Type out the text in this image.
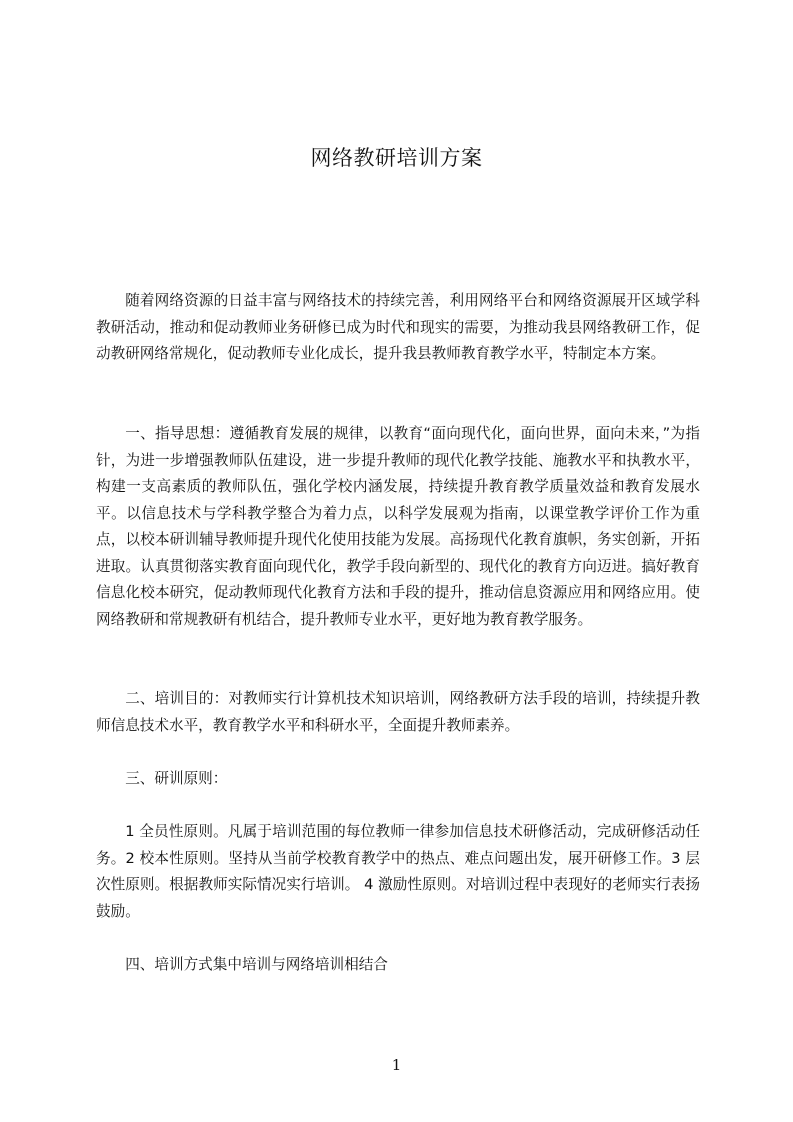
网络教研培训方案

随着网络资源的日益丰富与网络技术的持续完善，利用网络平台和网络资源展开区域学科教研活动，推动和促动教师业务研修已成为时代和现实的需要，为推动我县网络教研工作，促动教研网络常规化，促动教师专业化成长，提升我县教师教育教学水平，特制定本方案。

一、指导思想：遵循教育发展的规律，以教育“面向现代化，面向世界，面向未来，”为指针，为进一步增强教师队伍建设，进一步提升教师的现代化教学技能、施教水平和执教水平，构建一支高素质的教师队伍，强化学校内涵发展，持续提升教育教学质量效益和教育发展水平。以信息技术与学科教学整合为着力点，以科学发展观为指南，以课堂教学评价工作为重点，以校本研训辅导教师提升现代化使用技能为发展。高扬现代化教育旗帜，务实创新，开拓进取。认真贯彻落实教育面向现代化，教学手段向新型的、现代化的教育方向迈进。搞好教育信息化校本研究，促动教师现代化教育方法和手段的提升，推动信息资源应用和网络应用。使网络教研和常规教研有机结合，提升教师专业水平，更好地为教育教学服务。

二、培训目的：对教师实行计算机技术知识培训，网络教研方法手段的培训，持续提升教师信息技术水平，教育教学水平和科研水平，全面提升教师素养。

三、研训原则：

1 全员性原则。凡属于培训范围的每位教师一律参加信息技术研修活动，完成研修活动任务。2 校本性原则。坚持从当前学校教育教学中的热点、难点问题出发，展开研修工作。3 层次性原则。根据教师实际情况实行培训。 4 激励性原则。对培训过程中表现好的老师实行表扬鼓励。

四、培训方式集中培训与网络培训相结合

1
